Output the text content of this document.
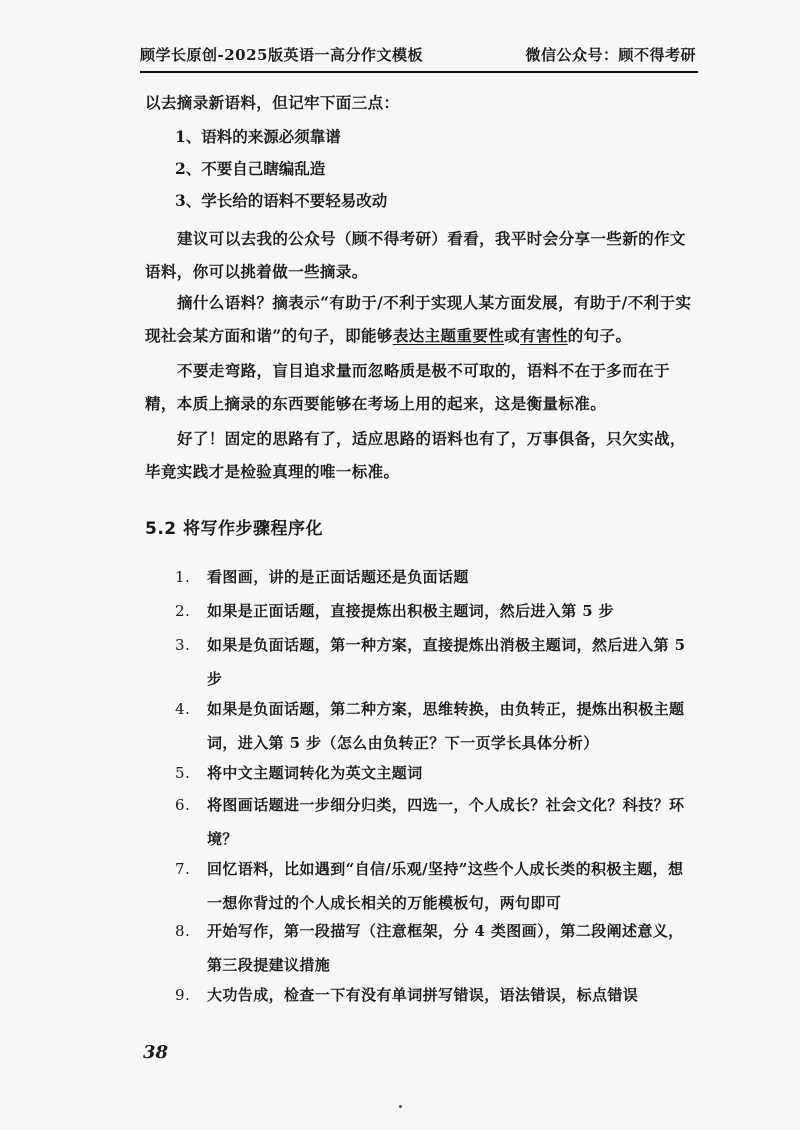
顾学长原创-2025版英语一高分作文模板	微信公众号：顾不得考研

以去摘录新语料，但记牢下面三点：

1、语料的来源必须靠谱

2、不要自己瞎编乱造

3、学长给的语料不要轻易改动

建议可以去我的公众号（顾不得考研）看看，我平时会分享一些新的作文语料，你可以挑着做一些摘录。

摘什么语料？摘表示“有助于/不利于实现人某方面发展，有助于/不利于实现社会某方面和谐”的句子，即能够表达主题重要性或有害性的句子。

不要走弯路，盲目追求量而忽略质是极不可取的，语料不在于多而在于精，本质上摘录的东西要能够在考场上用的起来，这是衡量标准。

好了！固定的思路有了，适应思路的语料也有了，万事俱备，只欠实战，毕竟实践才是检验真理的唯一标准。

5.2 将写作步骤程序化
1.	看图画，讲的是正面话题还是负面话题
2.	如果是正面话题，直接提炼出积极主题词，然后进入第 5 步
3.	如果是负面话题，第一种方案，直接提炼出消极主题词，然后进入第 5 步
4.	如果是负面话题，第二种方案，思维转换，由负转正，提炼出积极主题词，进入第 5 步（怎么由负转正？下一页学长具体分析）
5.	将中文主题词转化为英文主题词
6.	将图画话题进一步细分归类，四选一，个人成长？社会文化？科技？环境？
7.	回忆语料，比如遇到“自信/乐观/坚持”这些个人成长类的积极主题，想一想你背过的个人成长相关的万能模板句，两句即可
8.	开始写作，第一段描写（注意框架，分 4 类图画），第二段阐述意义，第三段提建议措施
9.	大功告成，检查一下有没有单词拼写错误，语法错误，标点错误
38
